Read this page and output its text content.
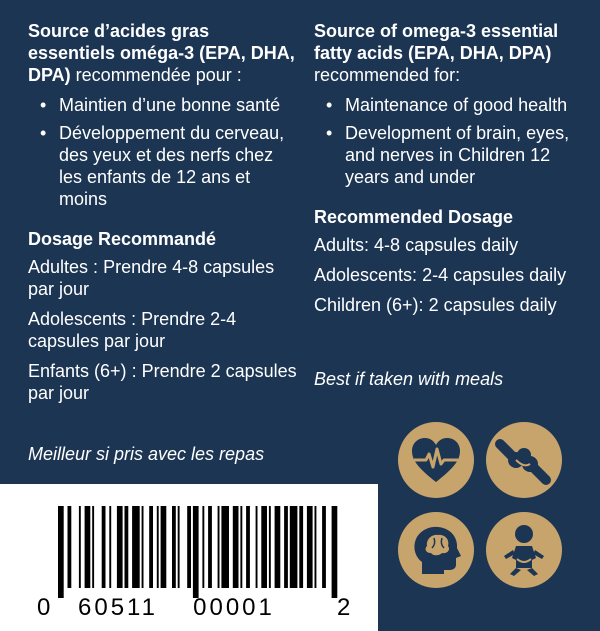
Source d’acides gras essentiels oméga-3 (EPA, DHA, DPA) recommendée pour :

• Maintien d’une bonne santé
• Développement du cerveau, des yeux et des nerfs chez les enfants de 12 ans et moins
Dosage Recommandé

Adultes : Prendre 4-8 capsules par jour

Adolescents : Prendre 2-4 capsules par jour

Enfants (6+) : Prendre 2 capsules par jour

Meilleur si pris avec les repas

Source of omega-3 essential fatty acids (EPA, DHA, DPA) recommended for:

• Maintenance of good health
• Development of brain, eyes, and nerves in Children 12 years and under
Recommended Dosage

Adults: 4-8 capsules daily

Adolescents: 2-4 capsules daily

Children (6+): 2 capsules daily

Best if taken with meals
0 60511 00001	2
